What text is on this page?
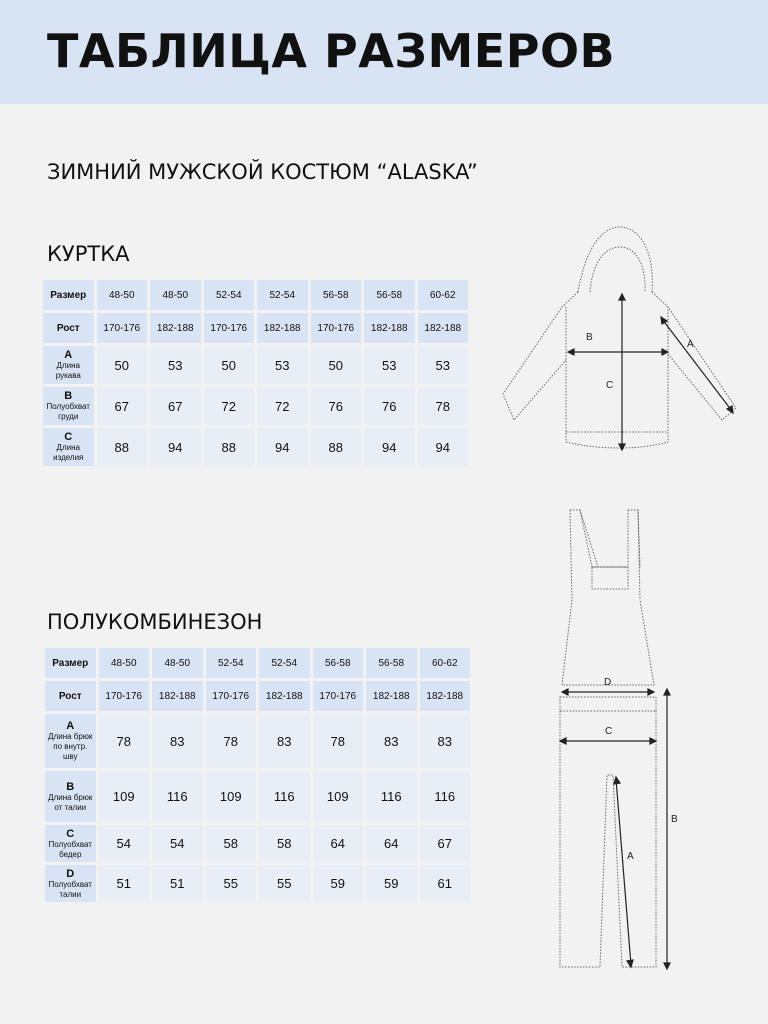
ТАБЛИЦА РАЗМЕРОВ
ЗИМНИЙ МУЖСКОЙ КОСТЮМ “ALASKA”
КУРТКА
Размер	48-50	48-50	52-54	52-54	56-58	56-58	60-62
Рост	170-176	182-188	170-176	182-188	170-176	182-188	182-188

A
Длина рукава	50	53	50	53	50	53	53

B
Полуобхват груди	67	67	72	72	76	76	78

C
Длина изделия	88	94	88	94	88	94	94
ПОЛУКОМБИНЕЗОН
Размер	48-50	48-50	52-54	52-54	56-58	56-58	60-62
Рост	170-176	182-188	170-176	182-188	170-176	182-188	182-188

A
Длина брюк по внутр. шву	78	83	78	83	78	83	83

B
Длина брюк от талии	109	116	109	116	109	116	116

C
Полуобхват бедер	54	54	58	58	64	64	67

D
Полуобхват талии	51	51	55	55	59	59	61
B
C
A
D
C
B
A
